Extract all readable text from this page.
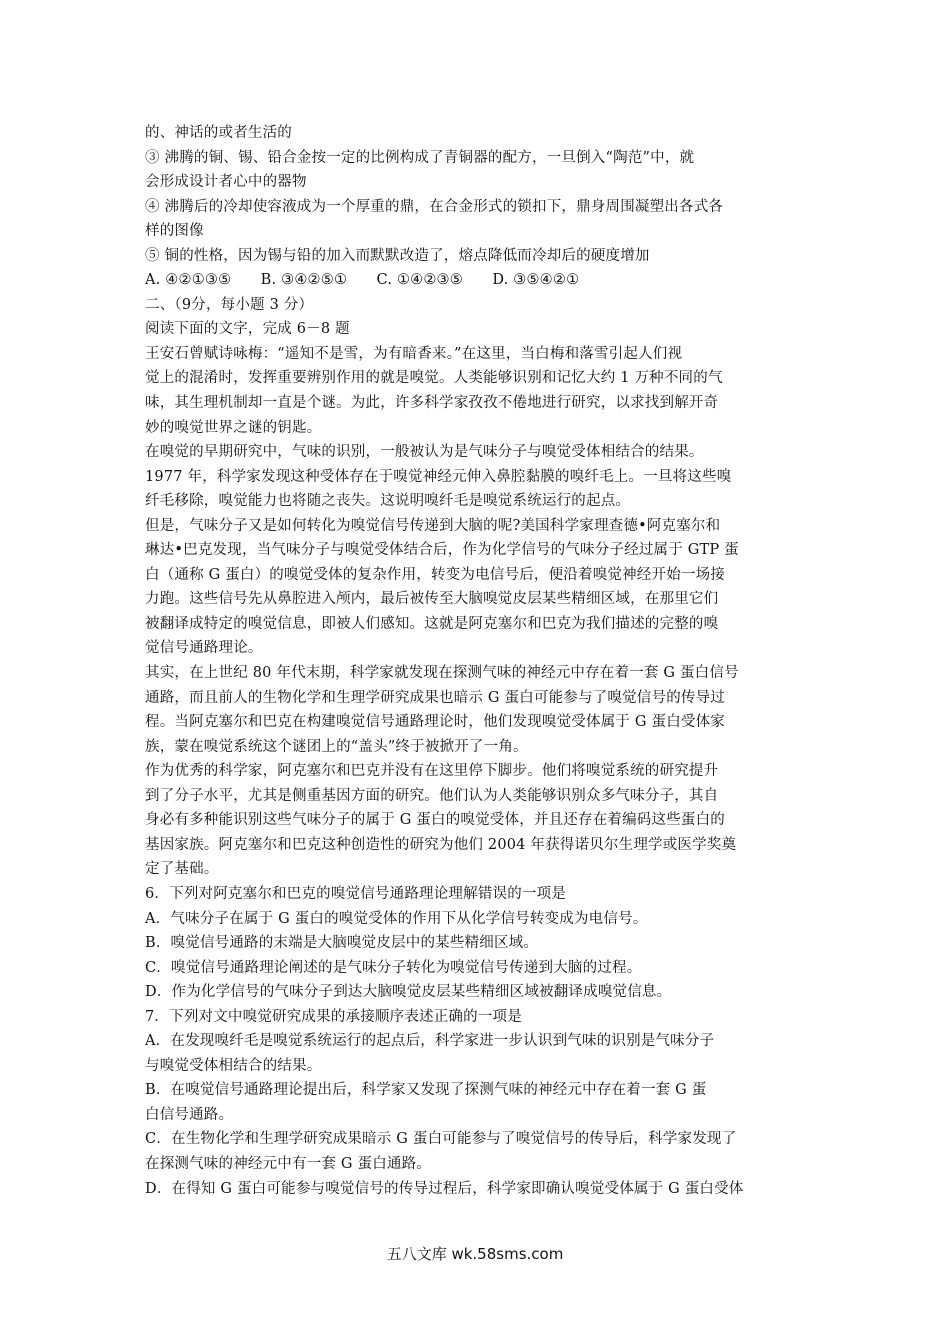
的、神话的或者生活的
③ 沸腾的铜、锡、铅合金按一定的比例构成了青铜器的配方，一旦倒入“陶范”中，就
会形成设计者心中的器物
④ 沸腾后的冷却使容液成为一个厚重的鼎，在合金形式的锁扣下，鼎身周围凝塑出各式各
样的图像
⑤ 铜的性格，因为锡与铅的加入而默默改造了，熔点降低而冷却后的硬度增加
A. ④②①③⑤　　B. ③④②⑤①　　C. ①④②③⑤　　D. ③⑤④②①
二、（9分，每小题 3 分）
阅读下面的文字，完成 6－8 题
王安石曾赋诗咏梅：“遥知不是雪，为有暗香来。”在这里，当白梅和落雪引起人们视
觉上的混淆时，发挥重要辨别作用的就是嗅觉。人类能够识别和记忆大约 1 万种不同的气
味，其生理机制却一直是个谜。为此，许多科学家孜孜不倦地进行研究，以求找到解开奇
妙的嗅觉世界之谜的钥匙。
在嗅觉的早期研究中，气味的识别，一般被认为是气味分子与嗅觉受体相结合的结果。
1977 年，科学家发现这种受体存在于嗅觉神经元伸入鼻腔黏膜的嗅纤毛上。一旦将这些嗅
纤毛移除，嗅觉能力也将随之丧失。这说明嗅纤毛是嗅觉系统运行的起点。
但是，气味分子又是如何转化为嗅觉信号传递到大脑的呢?美国科学家理查德•阿克塞尔和
琳达•巴克发现，当气味分子与嗅觉受体结合后，作为化学信号的气味分子经过属于 GTP 蛋
白（通称 G 蛋白）的嗅觉受体的复杂作用，转变为电信号后，便沿着嗅觉神经开始一场接
力跑。这些信号先从鼻腔进入颅内，最后被传至大脑嗅觉皮层某些精细区域，在那里它们
被翻译成特定的嗅觉信息，即被人们感知。这就是阿克塞尔和巴克为我们描述的完整的嗅
觉信号通路理论。
其实，在上世纪 80 年代末期，科学家就发现在探测气味的神经元中存在着一套 G 蛋白信号
通路，而且前人的生物化学和生理学研究成果也暗示 G 蛋白可能参与了嗅觉信号的传导过
程。当阿克塞尔和巴克在构建嗅觉信号通路理论时，他们发现嗅觉受体属于 G 蛋白受体家
族，蒙在嗅觉系统这个谜团上的“盖头”终于被掀开了一角。
作为优秀的科学家，阿克塞尔和巴克并没有在这里停下脚步。他们将嗅觉系统的研究提升
到了分子水平，尤其是侧重基因方面的研究。他们认为人类能够识别众多气味分子，其自
身必有多种能识别这些气味分子的属于 G 蛋白的嗅觉受体，并且还存在着编码这些蛋白的
基因家族。阿克塞尔和巴克这种创造性的研究为他们 2004 年获得诺贝尔生理学或医学奖奠
定了基础。
6．下列对阿克塞尔和巴克的嗅觉信号通路理论理解错误的一项是
A．气味分子在属于 G 蛋白的嗅觉受体的作用下从化学信号转变成为电信号。
B．嗅觉信号通路的末端是大脑嗅觉皮层中的某些精细区域。
C．嗅觉信号通路理论阐述的是气味分子转化为嗅觉信号传递到大脑的过程。
D．作为化学信号的气味分子到达大脑嗅觉皮层某些精细区域被翻译成嗅觉信息。
7．下列对文中嗅觉研究成果的承接顺序表述正确的一项是
A．在发现嗅纤毛是嗅觉系统运行的起点后，科学家进一步认识到气味的识别是气味分子
与嗅觉受体相结合的结果。
B．在嗅觉信号通路理论提出后，科学家又发现了探测气味的神经元中存在着一套 G 蛋
白信号通路。
C．在生物化学和生理学研究成果暗示 G 蛋白可能参与了嗅觉信号的传导后，科学家发现了
在探测气味的神经元中有一套 G 蛋白通路。
D．在得知 G 蛋白可能参与嗅觉信号的传导过程后，科学家即确认嗅觉受体属于 G 蛋白受体
五八文库 wk.58sms.com
